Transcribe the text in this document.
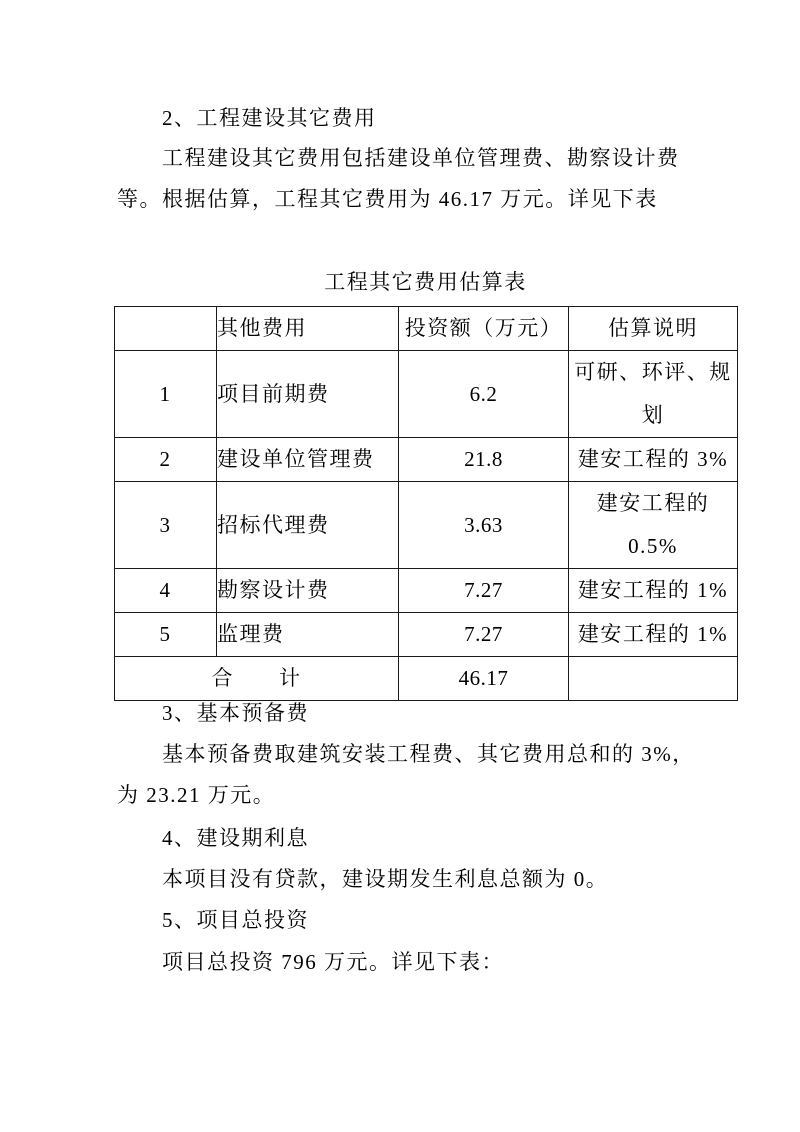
2、工程建设其它费用
工程建设其它费用包括建设单位管理费、勘察设计费
等。根据估算，工程其它费用为 46.17 万元。详见下表
工程其它费用估算表
	其他费用	投资额（万元）	估算说明
1	项目前期费	6.2	可研、环评、规划
2	建设单位管理费	21.8	建安工程的 3%
3	招标代理费	3.63	建安工程的 0.5%
4	勘察设计费	7.27	建安工程的 1%
5	监理费	7.27	建安工程的 1%
合　　计		46.17	
3、基本预备费
基本预备费取建筑安装工程费、其它费用总和的 3%，
为 23.21 万元。
4、建设期利息
本项目没有贷款，建设期发生利息总额为 0。
5、项目总投资
项目总投资 796 万元。详见下表：
